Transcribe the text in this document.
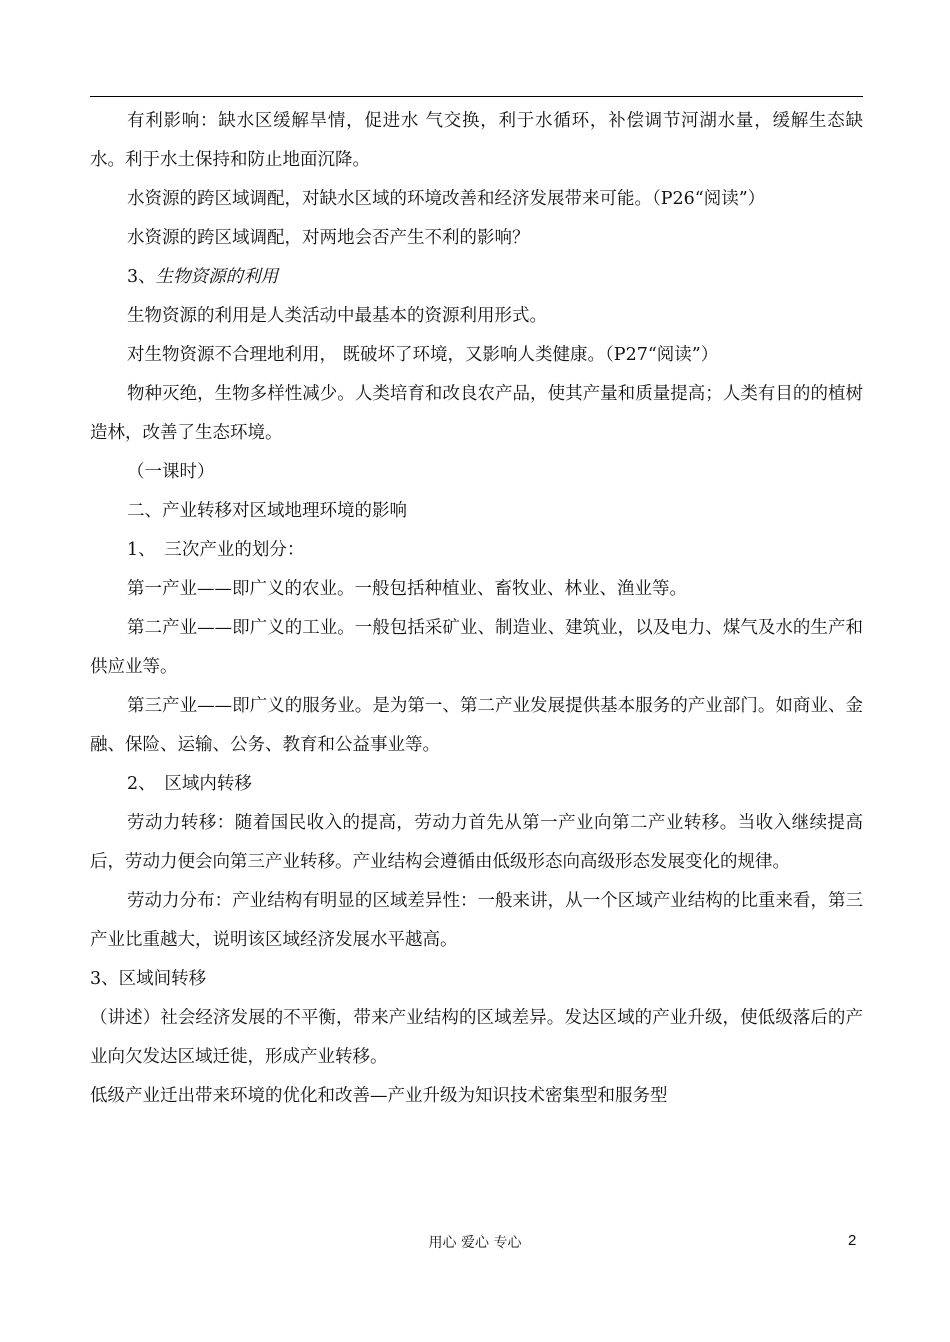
有利影响：缺水区缓解旱情，促进水 气交换，利于水循环，补偿调节河湖水量，缓解生态缺水。利于水土保持和防止地面沉降。

水资源的跨区域调配，对缺水区域的环境改善和经济发展带来可能。（P26“阅读”）

水资源的跨区域调配，对两地会否产生不利的影响？

3、生物资源的利用

生物资源的利用是人类活动中最基本的资源利用形式。

对生物资源不合理地利用， 既破坏了环境，又影响人类健康。（P27“阅读”）

物种灭绝，生物多样性减少。人类培育和改良农产品，使其产量和质量提高；人类有目的的植树造林，改善了生态环境。

（一课时）

二、产业转移对区域地理环境的影响

1、　三次产业的划分：

第一产业——即广义的农业。一般包括种植业、畜牧业、林业、渔业等。

第二产业——即广义的工业。一般包括采矿业、制造业、建筑业，以及电力、煤气及水的生产和供应业等。

第三产业——即广义的服务业。是为第一、第二产业发展提供基本服务的产业部门。如商业、金融、保险、运输、公务、教育和公益事业等。

2、　区域内转移

劳动力转移：随着国民收入的提高，劳动力首先从第一产业向第二产业转移。当收入继续提高后，劳动力便会向第三产业转移。产业结构会遵循由低级形态向高级形态发展变化的规律。

劳动力分布：产业结构有明显的区域差异性：一般来讲，从一个区域产业结构的比重来看，第三产业比重越大，说明该区域经济发展水平越高。

3、区域间转移

（讲述）社会经济发展的不平衡，带来产业结构的区域差异。发达区域的产业升级，使低级落后的产业向欠发达区域迁徙，形成产业转移。

低级产业迁出带来环境的优化和改善—产业升级为知识技术密集型和服务型

用心 爱心 专心	2
